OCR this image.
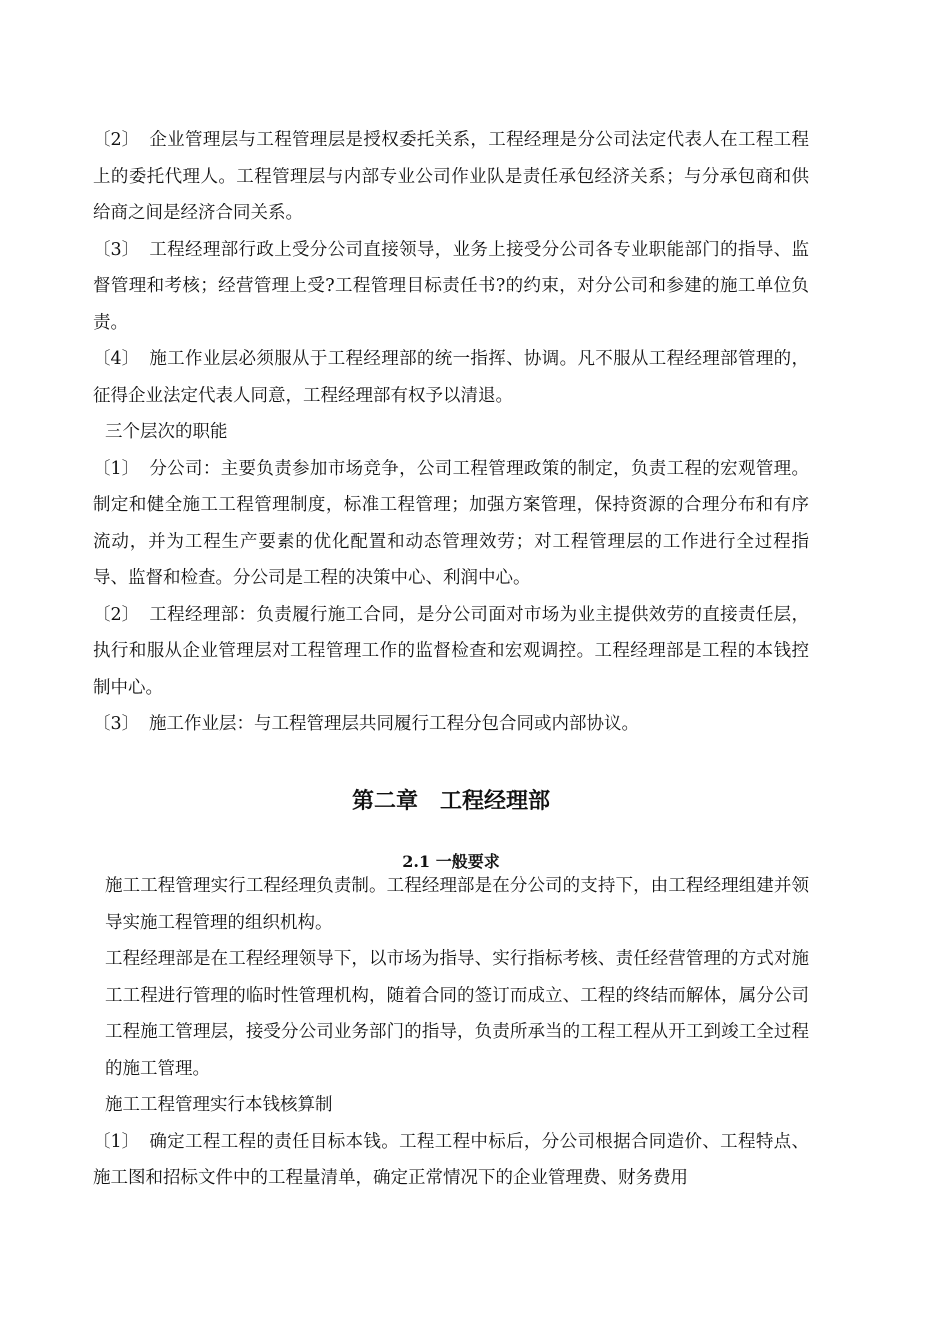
〔2〕 企业管理层与工程管理层是授权委托关系，工程经理是分公司法定代表人在工程工程上的委托代理人。工程管理层与内部专业公司作业队是责任承包经济关系；与分承包商和供给商之间是经济合同关系。

〔3〕 工程经理部行政上受分公司直接领导，业务上接受分公司各专业职能部门的指导、监督管理和考核；经营管理上受?工程管理目标责任书?的约束，对分公司和参建的施工单位负责。

〔4〕 施工作业层必须服从于工程经理部的统一指挥、协调。凡不服从工程经理部管理的，征得企业法定代表人同意，工程经理部有权予以清退。

三个层次的职能

〔1〕 分公司：主要负责参加市场竞争，公司工程管理政策的制定，负责工程的宏观管理。制定和健全施工工程管理制度，标准工程管理；加强方案管理，保持资源的合理分布和有序流动，并为工程生产要素的优化配置和动态管理效劳；对工程管理层的工作进行全过程指导、监督和检查。分公司是工程的决策中心、利润中心。

〔2〕 工程经理部：负责履行施工合同，是分公司面对市场为业主提供效劳的直接责任层，执行和服从企业管理层对工程管理工作的监督检查和宏观调控。工程经理部是工程的本钱控制中心。

〔3〕 施工作业层：与工程管理层共同履行工程分包合同或内部协议。

第二章　工程经理部
2.1 一般要求

施工工程管理实行工程经理负责制。工程经理部是在分公司的支持下，由工程经理组建并领导实施工程管理的组织机构。

工程经理部是在工程经理领导下，以市场为指导、实行指标考核、责任经营管理的方式对施工工程进行管理的临时性管理机构，随着合同的签订而成立、工程的终结而解体，属分公司工程施工管理层，接受分公司业务部门的指导，负责所承当的工程工程从开工到竣工全过程的施工管理。

施工工程管理实行本钱核算制

〔1〕 确定工程工程的责任目标本钱。工程工程中标后，分公司根据合同造价、工程特点、施工图和招标文件中的工程量清单，确定正常情况下的企业管理费、财务费用
